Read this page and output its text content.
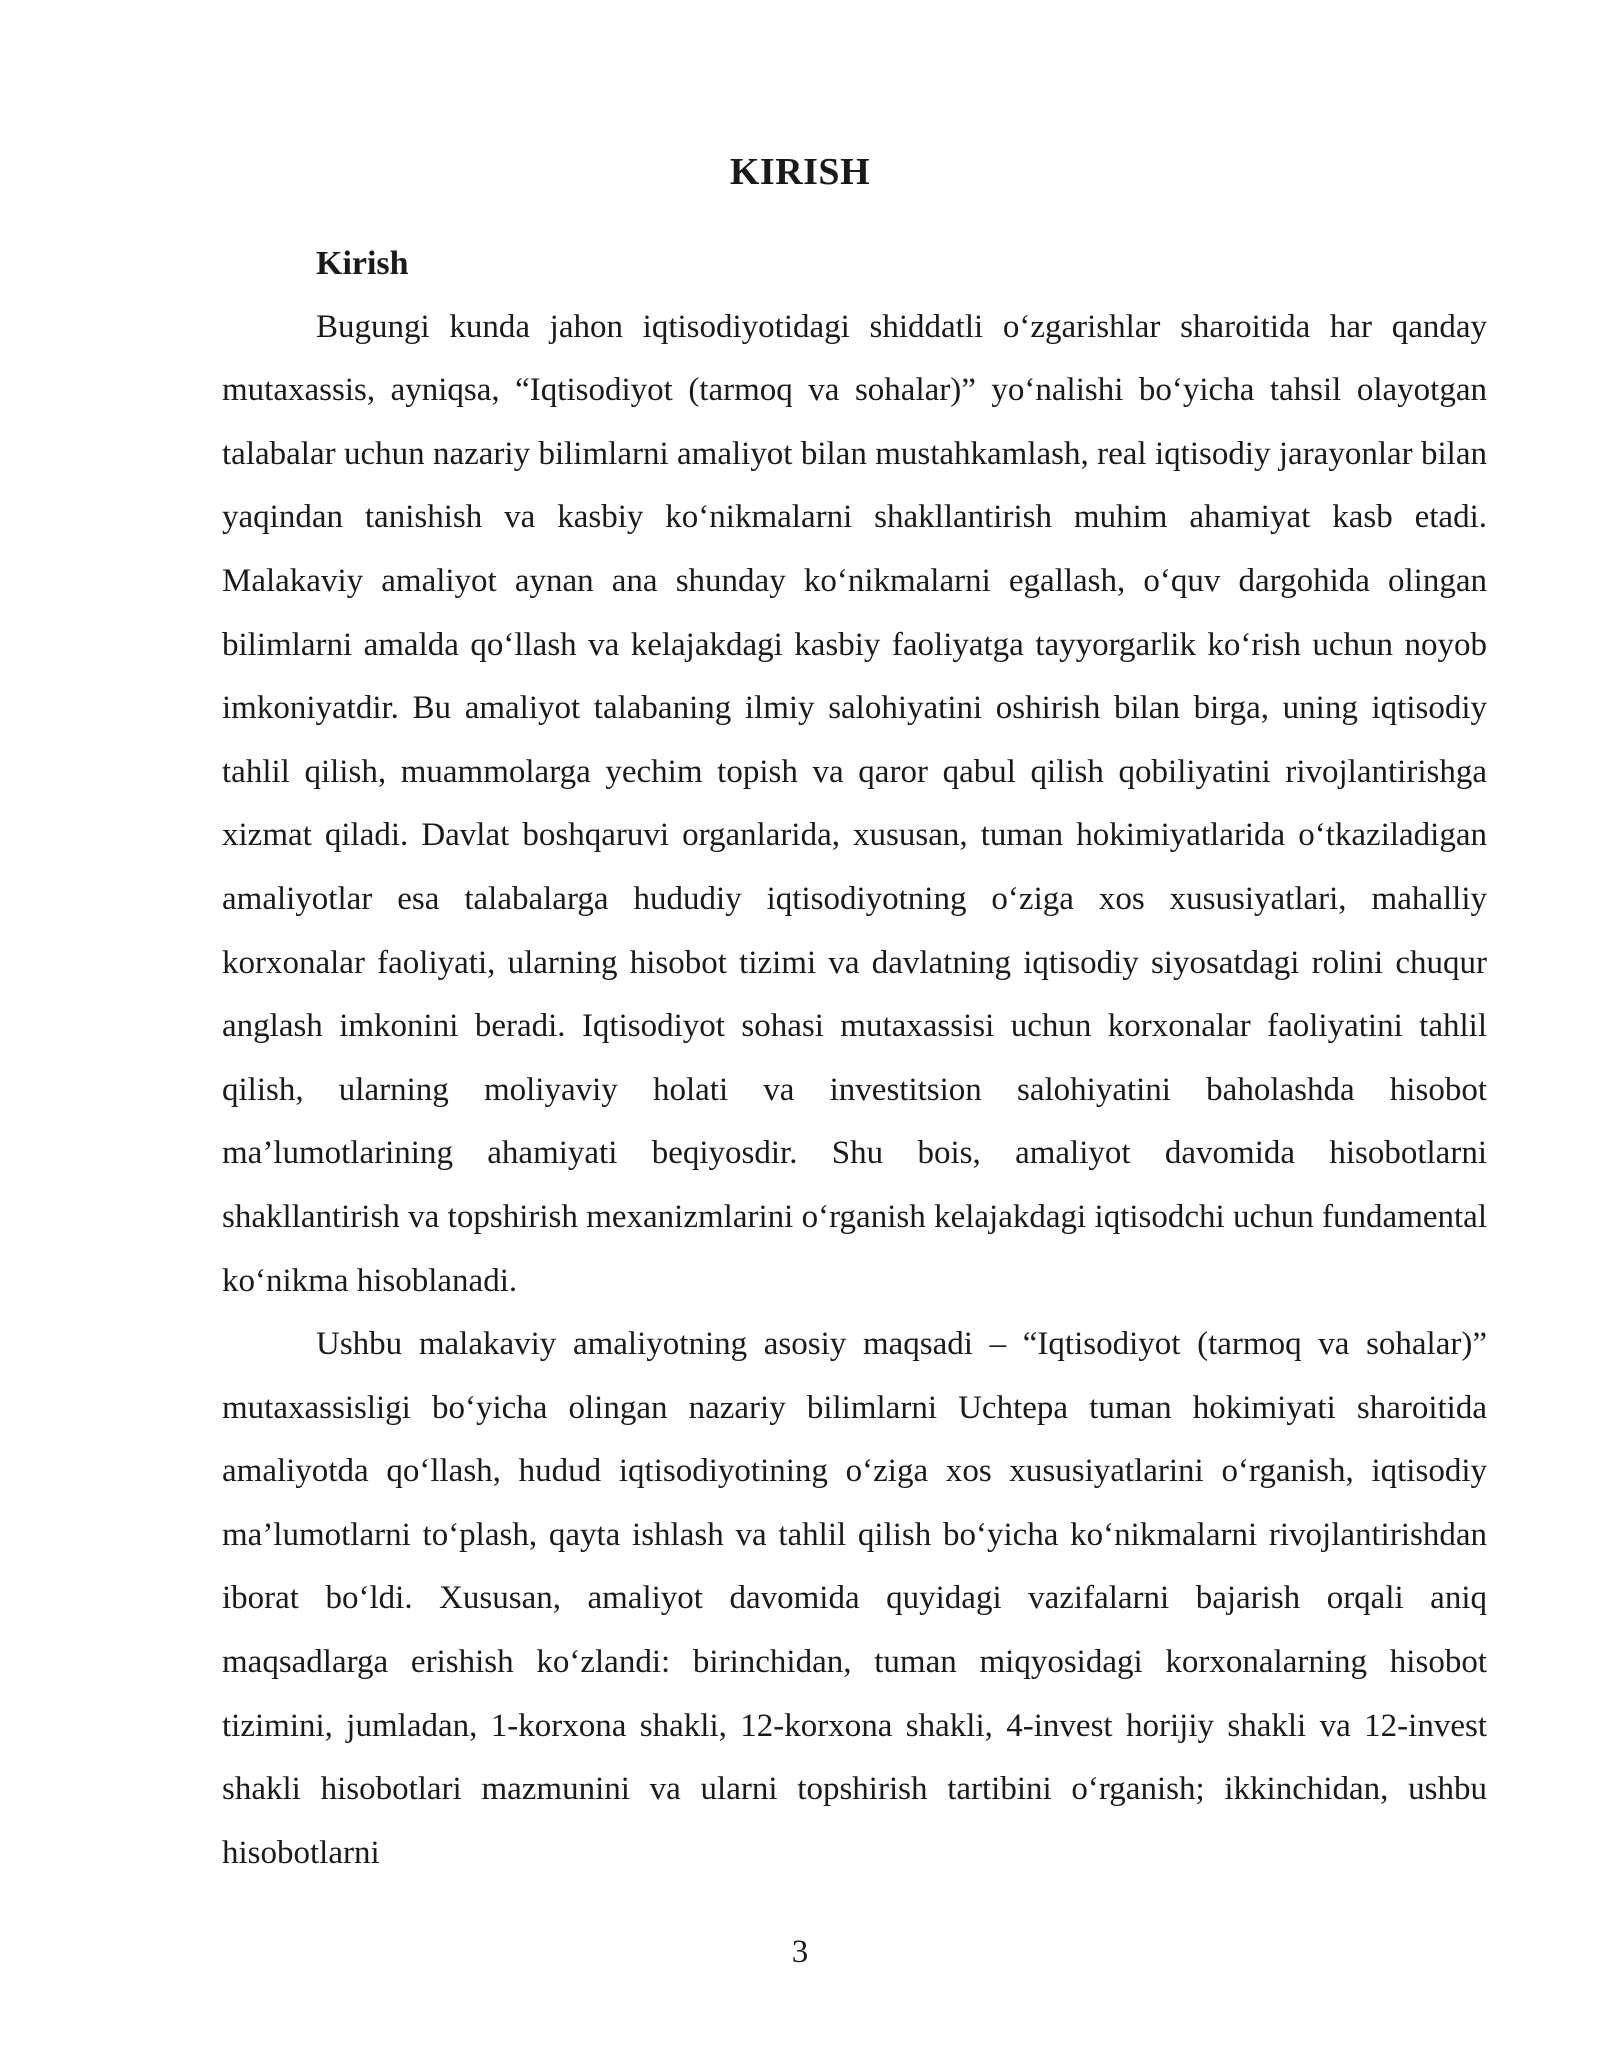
KIRISH

Kirish

Bugungi kunda jahon iqtisodiyotidagi shiddatli o‘zgarishlar sharoitida har qanday mutaxassis, ayniqsa, “Iqtisodiyot (tarmoq va sohalar)” yo‘nalishi bo‘yicha tahsil olayotgan talabalar uchun nazariy bilimlarni amaliyot bilan mustahkamlash, real iqtisodiy jarayonlar bilan yaqindan tanishish va kasbiy ko‘nikmalarni shakllantirish muhim ahamiyat kasb etadi. Malakaviy amaliyot aynan ana shunday ko‘nikmalarni egallash, o‘quv dargohida olingan bilimlarni amalda qo‘llash va kelajakdagi kasbiy faoliyatga tayyorgarlik ko‘rish uchun noyob imkoniyatdir. Bu amaliyot talabaning ilmiy salohiyatini oshirish bilan birga, uning iqtisodiy tahlil qilish, muammolarga yechim topish va qaror qabul qilish qobiliyatini rivojlantirishga xizmat qiladi. Davlat boshqaruvi organlarida, xususan, tuman hokimiyatlarida o‘tkaziladigan amaliyotlar esa talabalarga hududiy iqtisodiyotning o‘ziga xos xususiyatlari, mahalliy korxonalar faoliyati, ularning hisobot tizimi va davlatning iqtisodiy siyosatdagi rolini chuqur anglash imkonini beradi. Iqtisodiyot sohasi mutaxassisi uchun korxonalar faoliyatini tahlil qilish, ularning moliyaviy holati va investitsion salohiyatini baholashda hisobot ma’lumotlarining ahamiyati beqiyosdir. Shu bois, amaliyot davomida hisobotlarni shakllantirish va topshirish mexanizmlarini o‘rganish kelajakdagi iqtisodchi uchun fundamental ko‘nikma hisoblanadi.

Ushbu malakaviy amaliyotning asosiy maqsadi – “Iqtisodiyot (tarmoq va sohalar)” mutaxassisligi bo‘yicha olingan nazariy bilimlarni Uchtepa tuman hokimiyati sharoitida amaliyotda qo‘llash, hudud iqtisodiyotining o‘ziga xos xususiyatlarini o‘rganish, iqtisodiy ma’lumotlarni to‘plash, qayta ishlash va tahlil qilish bo‘yicha ko‘nikmalarni rivojlantirishdan iborat bo‘ldi. Xususan, amaliyot davomida quyidagi vazifalarni bajarish orqali aniq maqsadlarga erishish ko‘zlandi: birinchidan, tuman miqyosidagi korxonalarning hisobot tizimini, jumladan, 1-korxona shakli, 12-korxona shakli, 4-invest horijiy shakli va 12-invest shakli hisobotlari mazmunini va ularni topshirish tartibini o‘rganish; ikkinchidan, ushbu hisobotlarni

3
